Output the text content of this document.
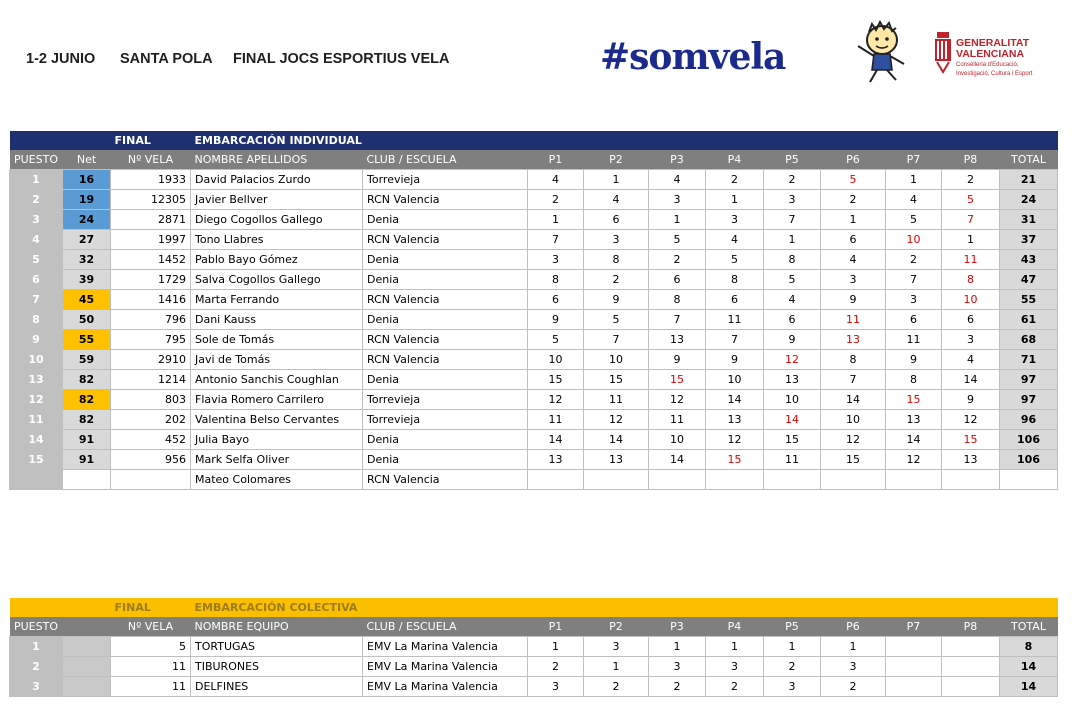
1-2 JUNIO SANTA POLA FINAL JOCS ESPORTIUS VELA	#somvela	GENERALITAT
VALENCIANA
Conselleria d'Educació,
Investigació, Cultura i Esport
		FINAL	EMBARCACIÓN INDIVIDUAL										
PUESTO	Net	Nº VELA	NOMBRE APELLIDOS	CLUB / ESCUELA	P1	P2	P3	P4	P5	P6	P7	P8	TOTAL
1	16	1933	David Palacios Zurdo	Torrevieja	4	1	4	2	2	5	1	2	21
2	19	12305	Javier Bellver	RCN Valencia	2	4	3	1	3	2	4	5	24
3	24	2871	Diego Cogollos Gallego	Denia	1	6	1	3	7	1	5	7	31
4	27	1997	Tono Llabres	RCN Valencia	7	3	5	4	1	6	10	1	37
5	32	1452	Pablo Bayo Gómez	Denia	3	8	2	5	8	4	2	11	43
6	39	1729	Salva Cogollos Gallego	Denia	8	2	6	8	5	3	7	8	47
7	45	1416	Marta Ferrando	RCN Valencia	6	9	8	6	4	9	3	10	55
8	50	796	Dani Kauss	Denia	9	5	7	11	6	11	6	6	61
9	55	795	Sole de Tomás	RCN Valencia	5	7	13	7	9	13	11	3	68
10	59	2910	Javi de Tomás	RCN Valencia	10	10	9	9	12	8	9	4	71
13	82	1214	Antonio Sanchis Coughlan	Denia	15	15	15	10	13	7	8	14	97
12	82	803	Flavia Romero Carrilero	Torrevieja	12	11	12	14	10	14	15	9	97
11	82	202	Valentina Belso Cervantes	Torrevieja	11	12	11	13	14	10	13	12	96
14	91	452	Julia Bayo	Denia	14	14	10	12	15	12	14	15	106
15	91	956	Mark Selfa Oliver	Denia	13	13	14	15	11	15	12	13	106
			Mateo Colomares	RCN Valencia									
		FINAL	EMBARCACIÓN COLECTIVA										
PUESTO		Nº VELA	NOMBRE EQUIPO	CLUB / ESCUELA	P1	P2	P3	P4	P5	P6	P7	P8	TOTAL
1		5	TORTUGAS	EMV La Marina Valencia	1	3	1	1	1	1			8
2		11	TIBURONES	EMV La Marina Valencia	2	1	3	3	2	3			14
3		11	DELFINES	EMV La Marina Valencia	3	2	2	2	3	2			14
